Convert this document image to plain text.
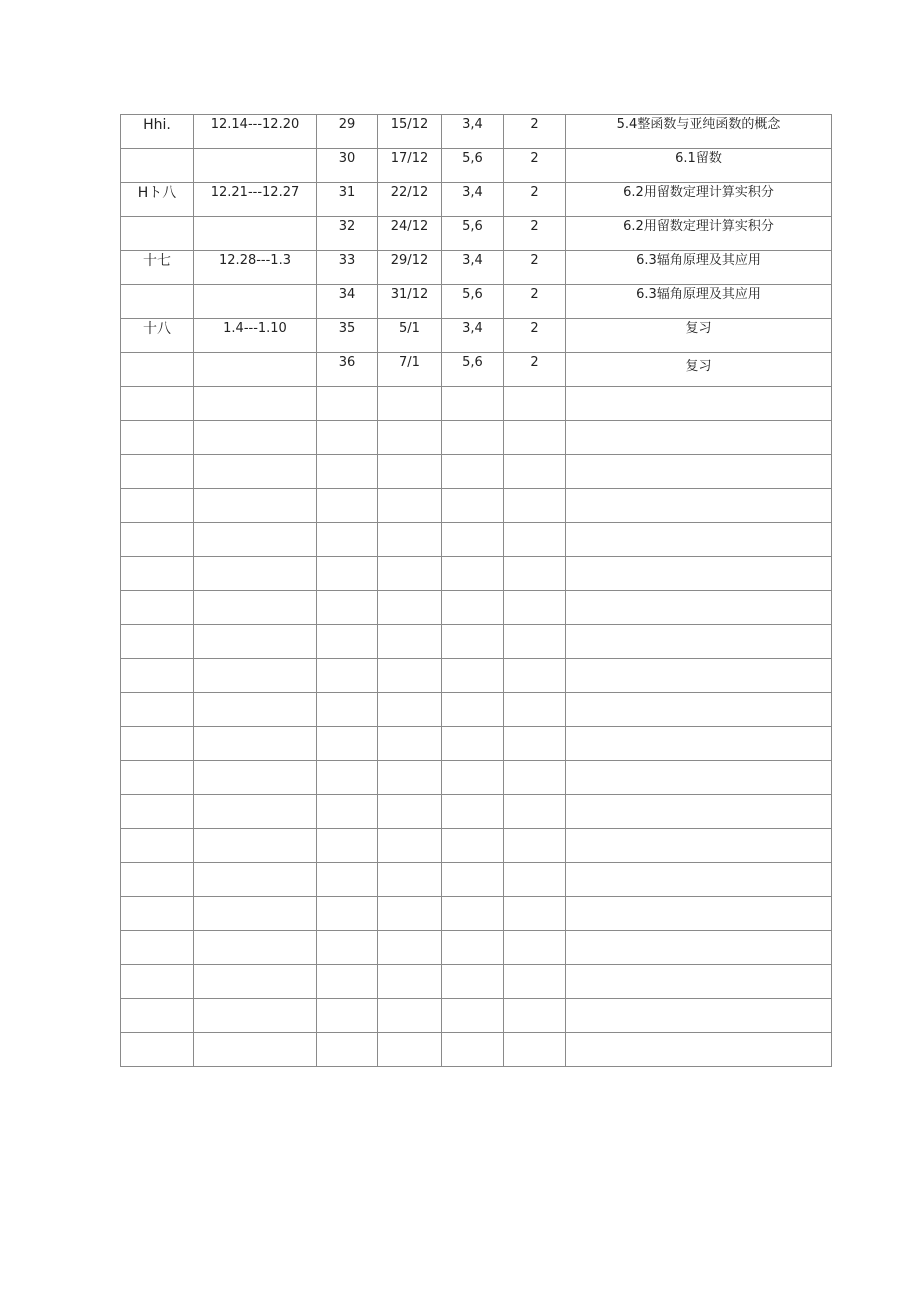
Hhi.	12.14---12.20	29	15/12	3,4	2	5.4整函数与亚纯函数的概念
		30	17/12	5,6	2	6.1留数
Hト八	12.21---12.27	31	22/12	3,4	2	6.2用留数定理计算实积分
		32	24/12	5,6	2	6.2用留数定理计算实积分
十七	12.28---1.3	33	29/12	3,4	2	6.3辐角原理及其应用
		34	31/12	5,6	2	6.3辐角原理及其应用
十八	1.4---1.10	35	5/1	3,4	2	复习
		36	7/1	5,6	2	复习
